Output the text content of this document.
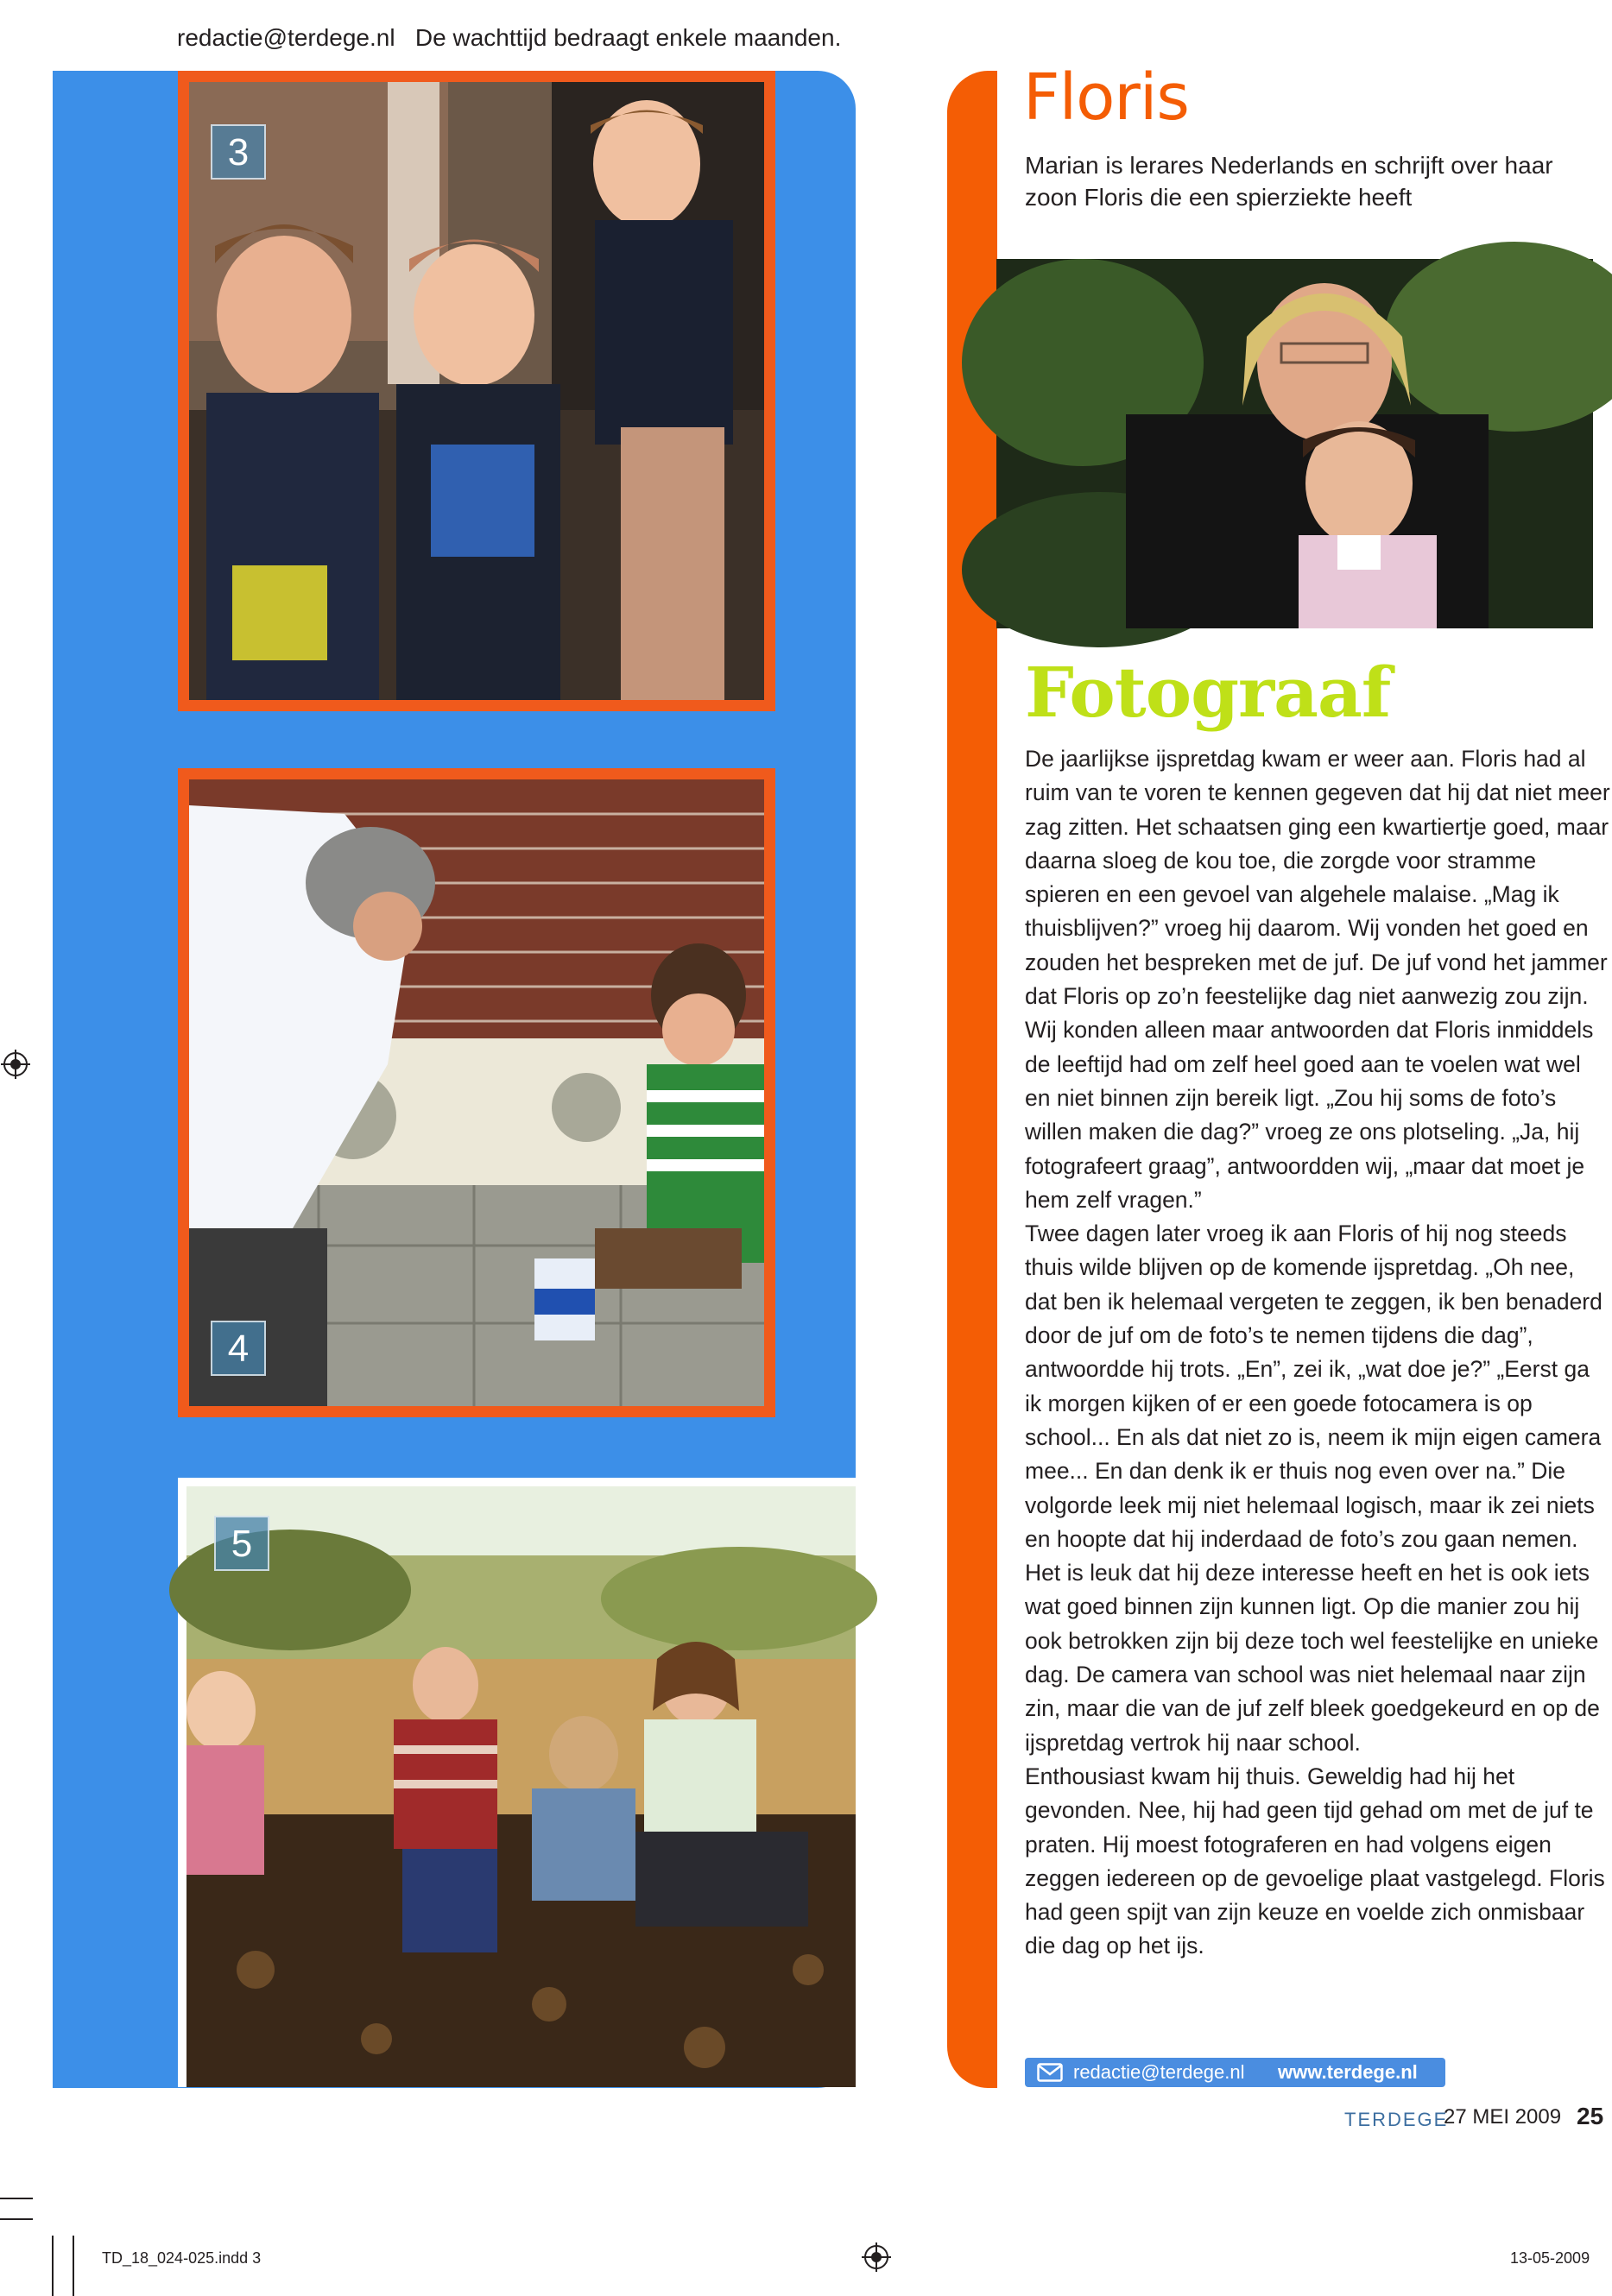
redactie@terdege.nl   De wachttijd bedraagt enkele maanden.
3
4
5
Floris
Marian is lerares Nederlands en schrijft over haar zoon Floris die een spierziekte heeft
Fotograaf

De jaarlijkse ijspretdag kwam er weer aan. Floris had al ruim van te voren te kennen gegeven dat hij dat niet meer zag zitten. Het schaatsen ging een kwartiertje goed, maar daarna sloeg de kou toe, die zorgde voor stramme spieren en een gevoel van algehele malaise. „Mag ik thuisblijven?” vroeg hij daarom. Wij vonden het goed en zouden het bespreken met de juf. De juf vond het jammer dat Floris op zo’n feestelijke dag niet aanwezig zou zijn. Wij konden alleen maar antwoorden dat Floris inmiddels de leeftijd had om zelf heel goed aan te voelen wat wel en niet binnen zijn bereik ligt. „Zou hij soms de foto’s willen maken die dag?” vroeg ze ons plotseling. „Ja, hij fotografeert graag”, antwoordden wij, „maar dat moet je hem zelf vragen.”

Twee dagen later vroeg ik aan Floris of hij nog steeds thuis wilde blijven op de komende ijspretdag. „Oh nee, dat ben ik helemaal vergeten te zeggen, ik ben benaderd door de juf om de foto’s te nemen tijdens die dag”, antwoordde hij trots. „En”, zei ik, „wat doe je?” „Eerst ga ik morgen kijken of er een goede fotocamera is op school... En als dat niet zo is, neem ik mijn eigen camera mee... En dan denk ik er thuis nog even over na.” Die volgorde leek mij niet helemaal logisch, maar ik zei niets en hoopte dat hij inderdaad de foto’s zou gaan nemen. Het is leuk dat hij deze interesse heeft en het is ook iets wat goed binnen zijn kunnen ligt. Op die manier zou hij ook betrokken zijn bij deze toch wel feestelijke en unieke dag. De camera van school was niet helemaal naar zijn zin, maar die van de juf zelf bleek goedgekeurd en op de ijspretdag vertrok hij naar school.

Enthousiast kwam hij thuis. Geweldig had hij het gevonden. Nee, hij had geen tijd gehad om met de juf te praten. Hij moest fotograferen en had volgens eigen zeggen iedereen op de gevoelige plaat vastgelegd. Floris had geen spijt van zijn keuze en voelde zich onmisbaar die dag op het ijs.

redactie@terdege.nl www.terdege.nl
TERDEGE
27 MEI 2009 25
TD_18_024-025.indd 3	13-05-2009
